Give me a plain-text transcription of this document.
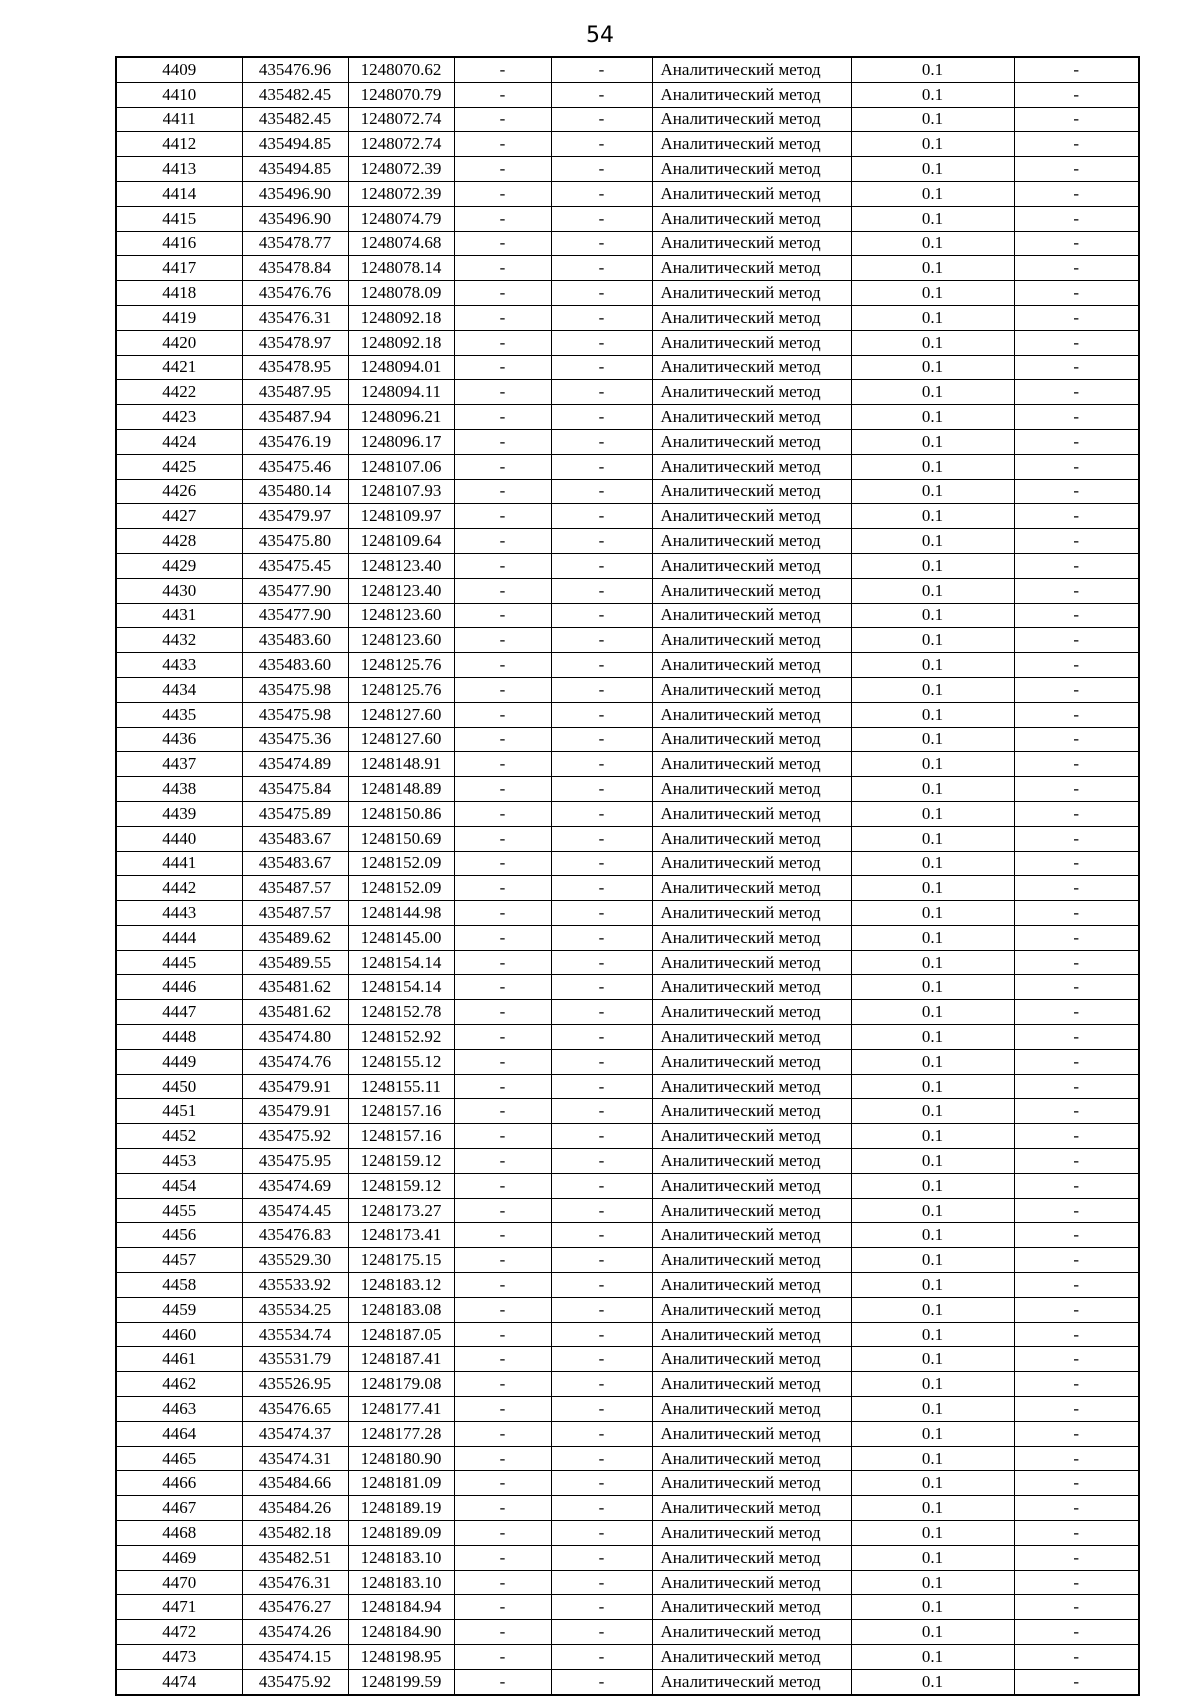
54
4409	435476.96	1248070.62	-	-	Аналитический метод	0.1	-
4410	435482.45	1248070.79	-	-	Аналитический метод	0.1	-
4411	435482.45	1248072.74	-	-	Аналитический метод	0.1	-
4412	435494.85	1248072.74	-	-	Аналитический метод	0.1	-
4413	435494.85	1248072.39	-	-	Аналитический метод	0.1	-
4414	435496.90	1248072.39	-	-	Аналитический метод	0.1	-
4415	435496.90	1248074.79	-	-	Аналитический метод	0.1	-
4416	435478.77	1248074.68	-	-	Аналитический метод	0.1	-
4417	435478.84	1248078.14	-	-	Аналитический метод	0.1	-
4418	435476.76	1248078.09	-	-	Аналитический метод	0.1	-
4419	435476.31	1248092.18	-	-	Аналитический метод	0.1	-
4420	435478.97	1248092.18	-	-	Аналитический метод	0.1	-
4421	435478.95	1248094.01	-	-	Аналитический метод	0.1	-
4422	435487.95	1248094.11	-	-	Аналитический метод	0.1	-
4423	435487.94	1248096.21	-	-	Аналитический метод	0.1	-
4424	435476.19	1248096.17	-	-	Аналитический метод	0.1	-
4425	435475.46	1248107.06	-	-	Аналитический метод	0.1	-
4426	435480.14	1248107.93	-	-	Аналитический метод	0.1	-
4427	435479.97	1248109.97	-	-	Аналитический метод	0.1	-
4428	435475.80	1248109.64	-	-	Аналитический метод	0.1	-
4429	435475.45	1248123.40	-	-	Аналитический метод	0.1	-
4430	435477.90	1248123.40	-	-	Аналитический метод	0.1	-
4431	435477.90	1248123.60	-	-	Аналитический метод	0.1	-
4432	435483.60	1248123.60	-	-	Аналитический метод	0.1	-
4433	435483.60	1248125.76	-	-	Аналитический метод	0.1	-
4434	435475.98	1248125.76	-	-	Аналитический метод	0.1	-
4435	435475.98	1248127.60	-	-	Аналитический метод	0.1	-
4436	435475.36	1248127.60	-	-	Аналитический метод	0.1	-
4437	435474.89	1248148.91	-	-	Аналитический метод	0.1	-
4438	435475.84	1248148.89	-	-	Аналитический метод	0.1	-
4439	435475.89	1248150.86	-	-	Аналитический метод	0.1	-
4440	435483.67	1248150.69	-	-	Аналитический метод	0.1	-
4441	435483.67	1248152.09	-	-	Аналитический метод	0.1	-
4442	435487.57	1248152.09	-	-	Аналитический метод	0.1	-
4443	435487.57	1248144.98	-	-	Аналитический метод	0.1	-
4444	435489.62	1248145.00	-	-	Аналитический метод	0.1	-
4445	435489.55	1248154.14	-	-	Аналитический метод	0.1	-
4446	435481.62	1248154.14	-	-	Аналитический метод	0.1	-
4447	435481.62	1248152.78	-	-	Аналитический метод	0.1	-
4448	435474.80	1248152.92	-	-	Аналитический метод	0.1	-
4449	435474.76	1248155.12	-	-	Аналитический метод	0.1	-
4450	435479.91	1248155.11	-	-	Аналитический метод	0.1	-
4451	435479.91	1248157.16	-	-	Аналитический метод	0.1	-
4452	435475.92	1248157.16	-	-	Аналитический метод	0.1	-
4453	435475.95	1248159.12	-	-	Аналитический метод	0.1	-
4454	435474.69	1248159.12	-	-	Аналитический метод	0.1	-
4455	435474.45	1248173.27	-	-	Аналитический метод	0.1	-
4456	435476.83	1248173.41	-	-	Аналитический метод	0.1	-
4457	435529.30	1248175.15	-	-	Аналитический метод	0.1	-
4458	435533.92	1248183.12	-	-	Аналитический метод	0.1	-
4459	435534.25	1248183.08	-	-	Аналитический метод	0.1	-
4460	435534.74	1248187.05	-	-	Аналитический метод	0.1	-
4461	435531.79	1248187.41	-	-	Аналитический метод	0.1	-
4462	435526.95	1248179.08	-	-	Аналитический метод	0.1	-
4463	435476.65	1248177.41	-	-	Аналитический метод	0.1	-
4464	435474.37	1248177.28	-	-	Аналитический метод	0.1	-
4465	435474.31	1248180.90	-	-	Аналитический метод	0.1	-
4466	435484.66	1248181.09	-	-	Аналитический метод	0.1	-
4467	435484.26	1248189.19	-	-	Аналитический метод	0.1	-
4468	435482.18	1248189.09	-	-	Аналитический метод	0.1	-
4469	435482.51	1248183.10	-	-	Аналитический метод	0.1	-
4470	435476.31	1248183.10	-	-	Аналитический метод	0.1	-
4471	435476.27	1248184.94	-	-	Аналитический метод	0.1	-
4472	435474.26	1248184.90	-	-	Аналитический метод	0.1	-
4473	435474.15	1248198.95	-	-	Аналитический метод	0.1	-
4474	435475.92	1248199.59	-	-	Аналитический метод	0.1	-
